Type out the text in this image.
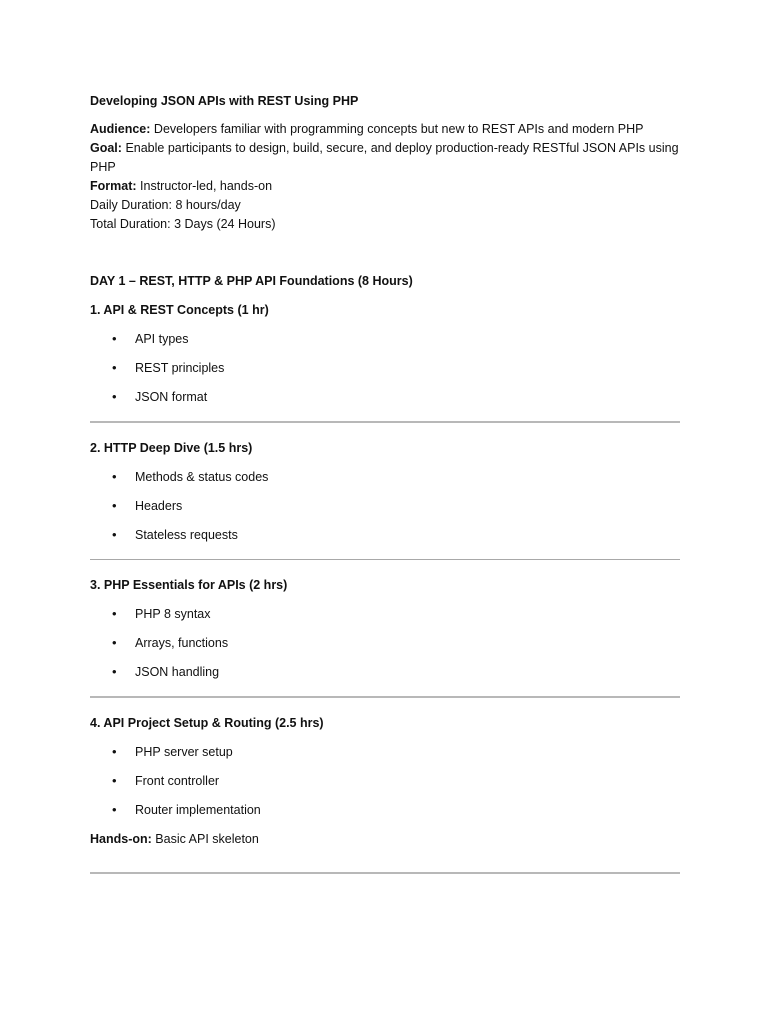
Developing JSON APIs with REST Using PHP
Audience: Developers familiar with programming concepts but new to REST APIs and modern PHP
Goal: Enable participants to design, build, secure, and deploy production-ready RESTful JSON APIs using PHP
Format: Instructor-led, hands-on
Daily Duration: 8 hours/day
Total Duration: 3 Days (24 Hours)
DAY 1 – REST, HTTP & PHP API Foundations (8 Hours)
1. API & REST Concepts (1 hr)
• API types
• REST principles
• JSON format
2. HTTP Deep Dive (1.5 hrs)
• Methods & status codes
• Headers
• Stateless requests
3. PHP Essentials for APIs (2 hrs)
• PHP 8 syntax
• Arrays, functions
• JSON handling
4. API Project Setup & Routing (2.5 hrs)
• PHP server setup
• Front controller
• Router implementation
Hands-on: Basic API skeleton
